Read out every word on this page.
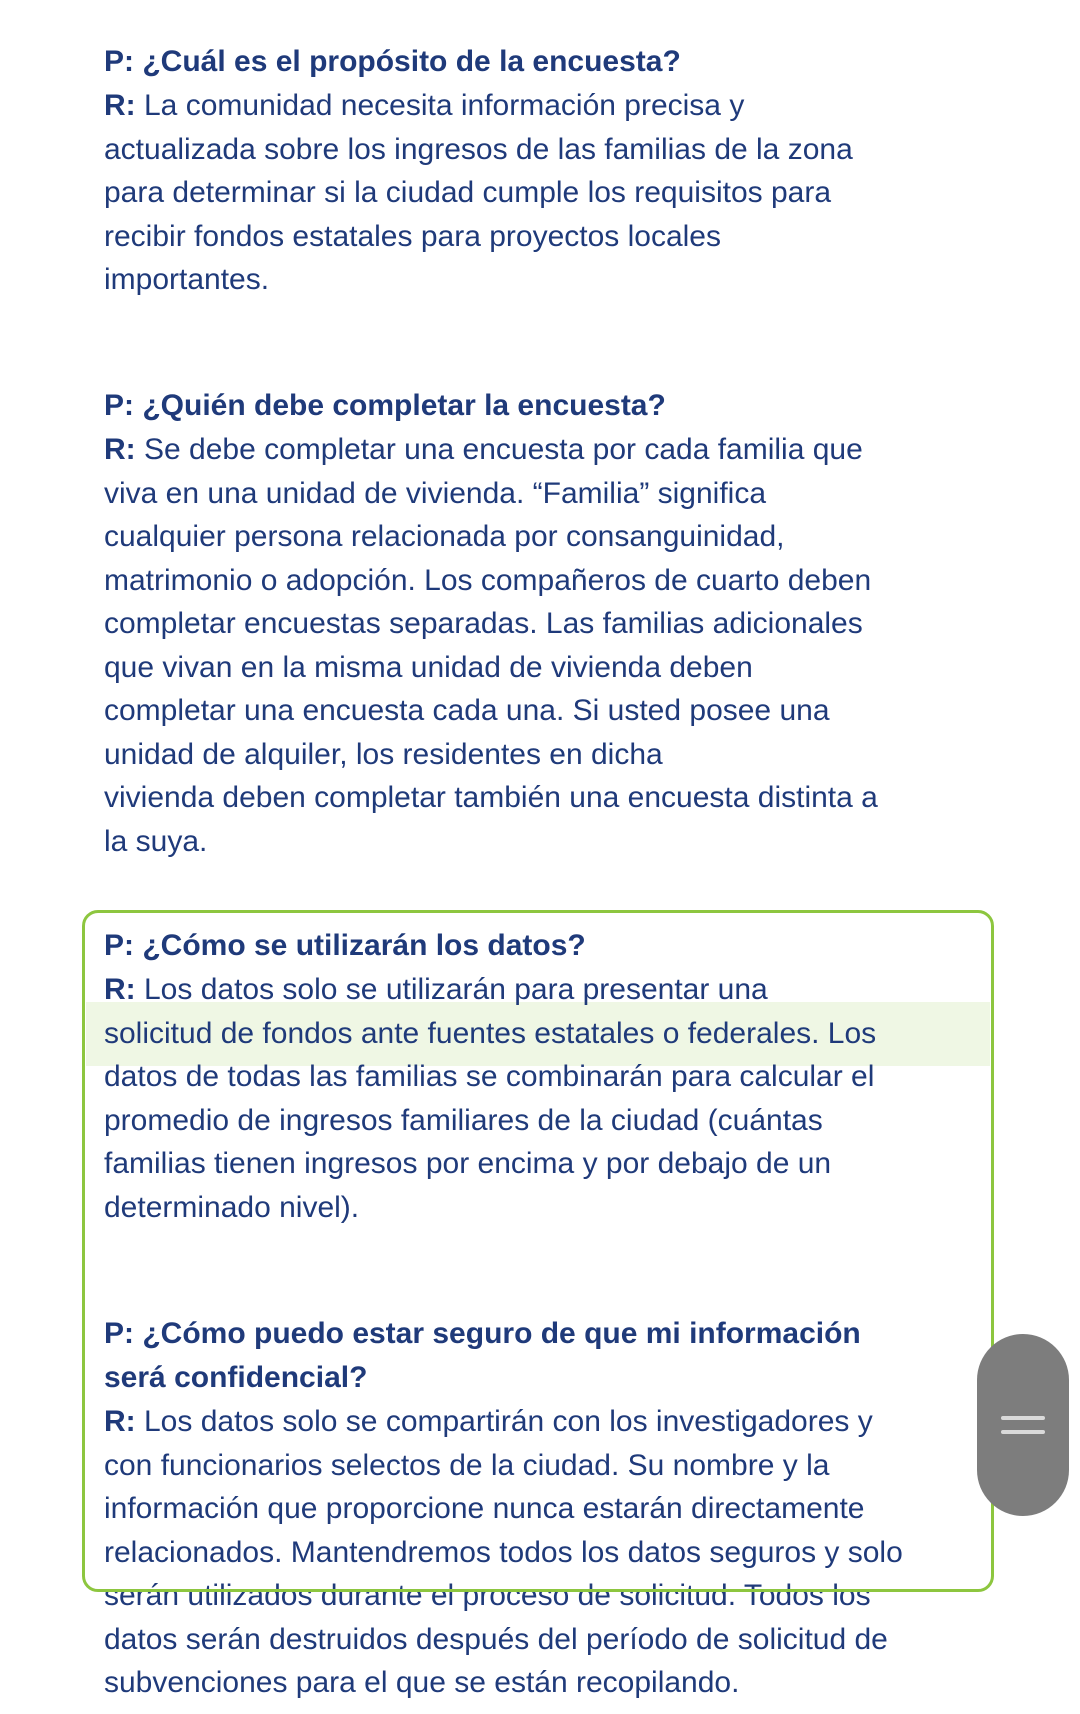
P: ¿Cuál es el propósito de la encuesta?

R: La comunidad necesita información precisa y
actualizada sobre los ingresos de las familias de la zona
para determinar si la ciudad cumple los requisitos para
recibir fondos estatales para proyectos locales
importantes.

P: ¿Quién debe completar la encuesta?

R: Se debe completar una encuesta por cada familia que
viva en una unidad de vivienda. “Familia” significa
cualquier persona relacionada por consanguinidad,
matrimonio o adopción. Los compañeros de cuarto deben
completar encuestas separadas. Las familias adicionales
que vivan en la misma unidad de vivienda deben
completar una encuesta cada una. Si usted posee una
unidad de alquiler, los residentes en dicha
vivienda deben completar también una encuesta distinta a
la suya.

P: ¿Cómo se utilizarán los datos?

R: Los datos solo se utilizarán para presentar una
solicitud de fondos ante fuentes estatales o federales. Los
datos de todas las familias se combinarán para calcular el
promedio de ingresos familiares de la ciudad (cuántas
familias tienen ingresos por encima y por debajo de un
determinado nivel).

P: ¿Cómo puedo estar seguro de que mi información
será confidencial?

R: Los datos solo se compartirán con los investigadores y
con funcionarios selectos de la ciudad. Su nombre y la
información que proporcione nunca estarán directamente
relacionados. Mantendremos todos los datos seguros y solo
serán utilizados durante el proceso de solicitud. Todos los
datos serán destruidos después del período de solicitud de
subvenciones para el que se están recopilando.
